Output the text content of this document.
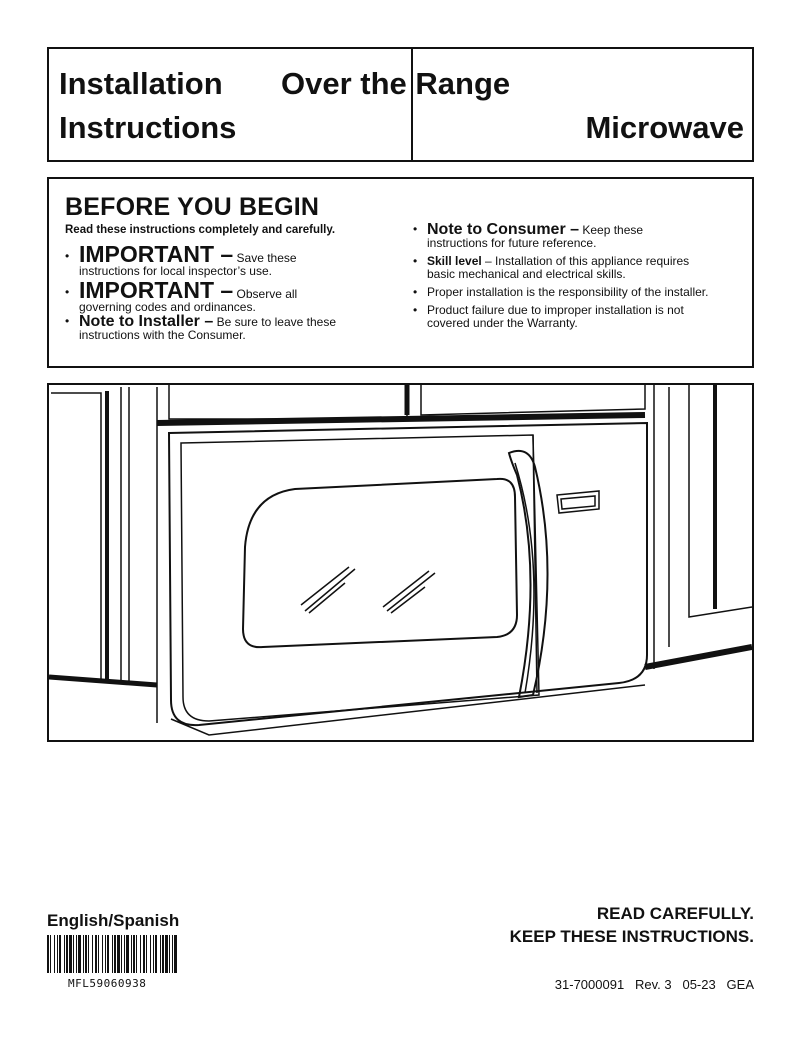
Installation
Instructions
Over the Range
Microwave
BEFORE YOU BEGIN
Read these instructions completely and carefully.
• IMPORTANT – Save these
instructions for local inspector’s use.
• IMPORTANT – Observe all
governing codes and ordinances.
• Note to Installer – Be sure to leave these
instructions with the Consumer.
• Note to Consumer – Keep these
instructions for future reference.
• Skill level – Installation of this appliance requires
basic mechanical and electrical skills.
• Proper installation is the responsibility of the installer.
• Product failure due to improper installation is not
covered under the Warranty.
English/Spanish
MFL59060938
READ CAREFULLY.
KEEP THESE INSTRUCTIONS.
31-7000091   Rev. 3   05-23   GEA
